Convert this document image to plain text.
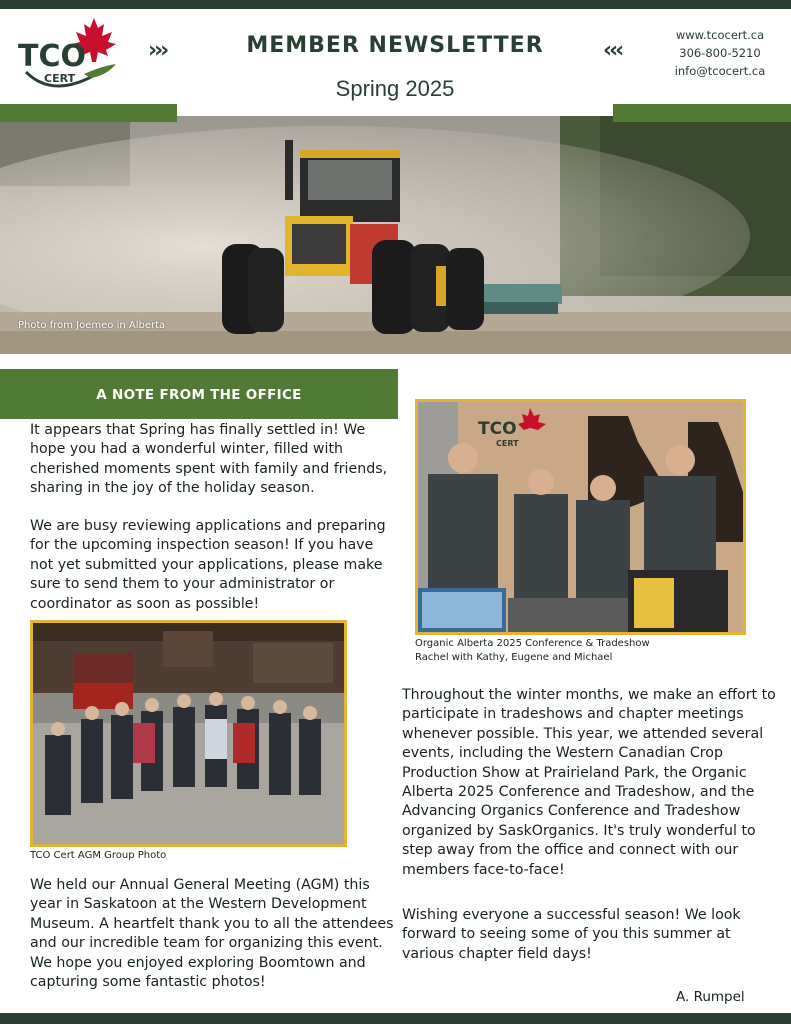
TCO
CERT
›››	MEMBER NEWSLETTER
Spring 2025
‹‹‹
www.tcocert.ca
306-800-5210
info@tcocert.ca
Photo from Joemeo in Alberta
A NOTE FROM THE OFFICE
It appears that Spring has finally settled in! We hope you had a wonderful winter, filled with cherished moments spent with family and friends, sharing in the joy of the holiday season.
We are busy reviewing applications and preparing for the upcoming inspection season! If you have not yet submitted your applications, please make sure to send them to your administrator or coordinator as soon as possible!
TCO Cert AGM Group Photo
We held our Annual General Meeting (AGM) this year in Saskatoon at the Western Development Museum. A heartfelt thank you to all the attendees and our incredible team for organizing this event. We hope you enjoyed exploring Boomtown and capturing some fantastic photos!
TCO
CERT
Organic Alberta 2025 Conference & Tradeshow
Rachel with Kathy, Eugene and Michael
Throughout the winter months, we make an effort to participate in tradeshows and chapter meetings whenever possible. This year, we attended several events, including the Western Canadian Crop Production Show at Prairieland Park, the Organic Alberta 2025 Conference and Tradeshow, and the Advancing Organics Conference and Tradeshow organized by SaskOrganics. It's truly wonderful to step away from the office and connect with our members face-to-face!
Wishing everyone a successful season! We look forward to seeing some of you this summer at various chapter field days!
A. Rumpel
